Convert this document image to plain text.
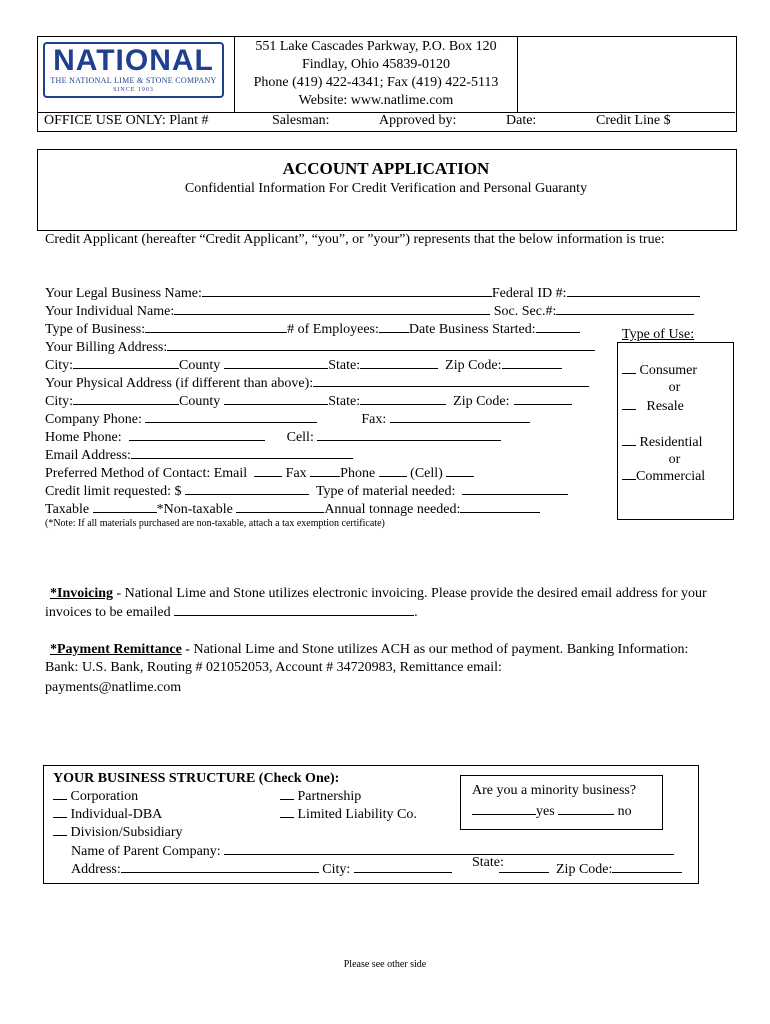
NATIONAL
THE NATIONAL LIME & STONE COMPANY
SINCE 1903
551 Lake Cascades Parkway, P.O. Box 120
Findlay, Ohio 45839-0120
Phone (419) 422-4341; Fax (419) 422-5113
Website: www.natlime.com
OFFICE USE ONLY: Plant #	Salesman:	Approved by:	Date:	Credit Line $
ACCOUNT APPLICATION
Confidential Information For Credit Verification and Personal Guaranty
Credit Applicant (hereafter “Credit Applicant”, “you”, or ”your”) represents that the below information is true:
Your Legal Business Name:	Federal ID #:
Your Individual Name:	Soc. Sec.#:
Type of Business:	# of Employees: Date Business Started:
Your Billing Address:
City:	County	State:	Zip Code:
Your Physical Address (if different than above):
City:	County	State:	Zip Code:
Company Phone:	Fax:
Home Phone:	Cell:
Email Address:
Preferred Method of Contact: Email	Fax Phone	(Cell)
Credit limit requested: $	Type of material needed:
Taxable	*Non-taxable	Annual tonnage needed:
(*Note: If all materials purchased are non-taxable, attach a tax exemption certificate)
Type of Use:
Consumer
or
Resale
Residential
or
Commercial
*Invoicing - National Lime and Stone utilizes electronic invoicing. Please provide the desired email address for your
invoices to be emailed	.
*Payment Remittance - National Lime and Stone utilizes ACH as our method of payment. Banking Information:
Bank: U.S. Bank, Routing # 021052053, Account # 34720983, Remittance email:
payments@natlime.com
YOUR BUSINESS STRUCTURE (Check One):
Corporation
Individual-DBA
Division/Subsidiary
Partnership
Limited Liability Co.
Name of Parent Company:
Address:	City:	State:	Zip Code:
Are you a minority business?
yes	no
Please see other side
